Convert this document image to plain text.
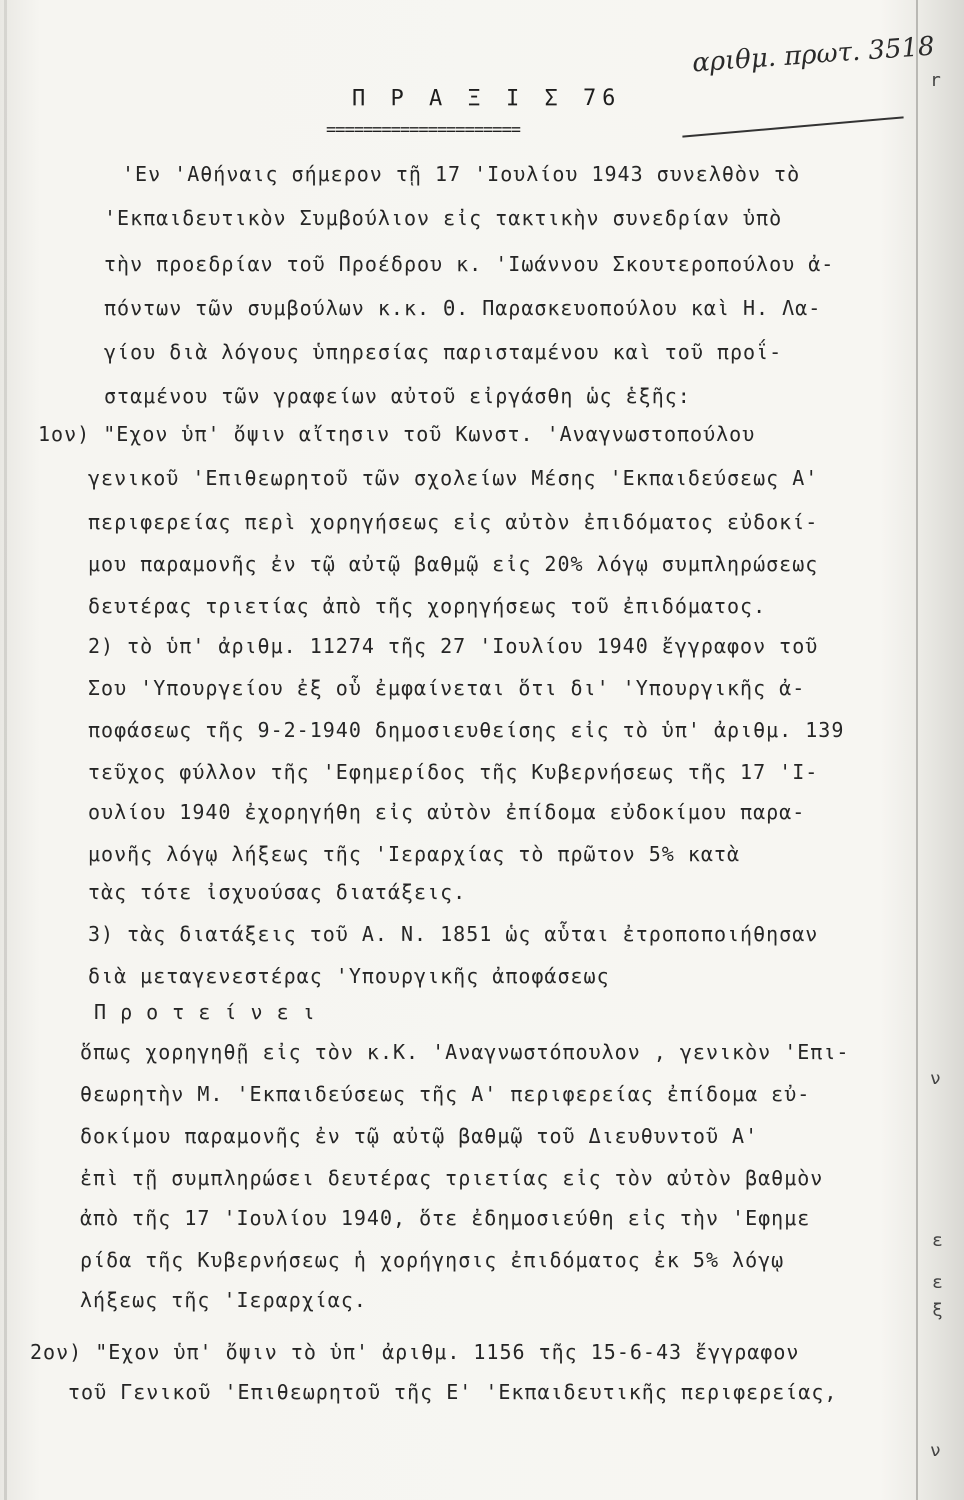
αριθμ. πρωτ. 3518
Π Ρ Α Ξ Ι Σ 76
=====================
'Εν 'Αθήναις σήμερον τῇ 17 'Ιουλίου 1943 συνελθὸν τὸ
'Εκπαιδευτικὸν Συμβούλιον εἰς τακτικὴν συνεδρίαν ὑπὸ
τὴν προεδρίαν τοῦ Προέδρου κ. 'Ιωάννου Σκουτεροπούλου ἀ-
πόντων τῶν συμβούλων κ.κ. Θ. Παρασκευοπούλου καὶ Η. Λα-
γίου διὰ λόγους ὑπηρεσίας παρισταμένου καὶ τοῦ προΐ-
σταμένου τῶν γραφείων αὐτοῦ εἰργάσθη ὡς ἑξῆς:
1ον) "Εχον ὑπ' ὄψιν αἴτησιν τοῦ Κωνστ. 'Αναγνωστοπούλου
γενικοῦ 'Επιθεωρητοῦ τῶν σχολείων Μέσης 'Εκπαιδεύσεως Α'
περιφερείας περὶ χορηγήσεως εἰς αὐτὸν ἐπιδόματος εὐδοκί-
μου παραμονῆς ἐν τῷ αὐτῷ βαθμῷ εἰς 20% λόγῳ συμπληρώσεως
δευτέρας τριετίας ἀπὸ τῆς χορηγήσεως τοῦ ἐπιδόματος.
2) τὸ ὑπ' ἀριθμ. 11274 τῆς 27 'Ιουλίου 1940 ἔγγραφον τοῦ
Σου 'Υπουργείου ἐξ οὗ ἐμφαίνεται ὅτι δι' 'Υπουργικῆς ἀ-
ποφάσεως τῆς 9-2-1940 δημοσιευθείσης εἰς τὸ ὑπ' ἀριθμ. 139
τεῦχος φύλλον τῆς 'Εφημερίδος τῆς Κυβερνήσεως τῆς 17 'Ι-
ουλίου 1940 ἐχορηγήθη εἰς αὐτὸν ἐπίδομα εὐδοκίμου παρα-
μονῆς λόγῳ λήξεως τῆς 'Ιεραρχίας τὸ πρῶτον 5% κατὰ
τὰς τότε ἰσχυούσας διατάξεις.
3) τὰς διατάξεις τοῦ Α. Ν. 1851 ὡς αὗται ἐτροποποιήθησαν
διὰ μεταγενεστέρας 'Υπουργικῆς ἀποφάσεως
Π ρ ο τ ε ί ν ε ι
ὅπως χορηγηθῇ εἰς τὸν κ.Κ. 'Αναγνωστόπουλον , γενικὸν 'Επι-
θεωρητὴν Μ. 'Εκπαιδεύσεως τῆς Α' περιφερείας ἐπίδομα εὐ-
δοκίμου παραμονῆς ἐν τῷ αὐτῷ βαθμῷ τοῦ Διευθυντοῦ Α'
ἐπὶ τῇ συμπληρώσει δευτέρας τριετίας εἰς τὸν αὐτὸν βαθμὸν
ἀπὸ τῆς 17 'Ιουλίου 1940, ὅτε ἐδημοσιεύθη εἰς τὴν 'Εφημε
ρίδα τῆς Κυβερνήσεως ἡ χορήγησις ἐπιδόματος ἐκ 5% λόγῳ
λήξεως τῆς 'Ιεραρχίας.
2ον) "Εχον ὑπ' ὄψιν τὸ ὑπ' ἀριθμ. 1156 τῆς 15-6-43 ἔγγραφον
τοῦ Γενικοῦ 'Επιθεωρητοῦ τῆς Ε' 'Εκπαιδευτικῆς περιφερείας,
r
ε
ε
ξ
ν
ν
